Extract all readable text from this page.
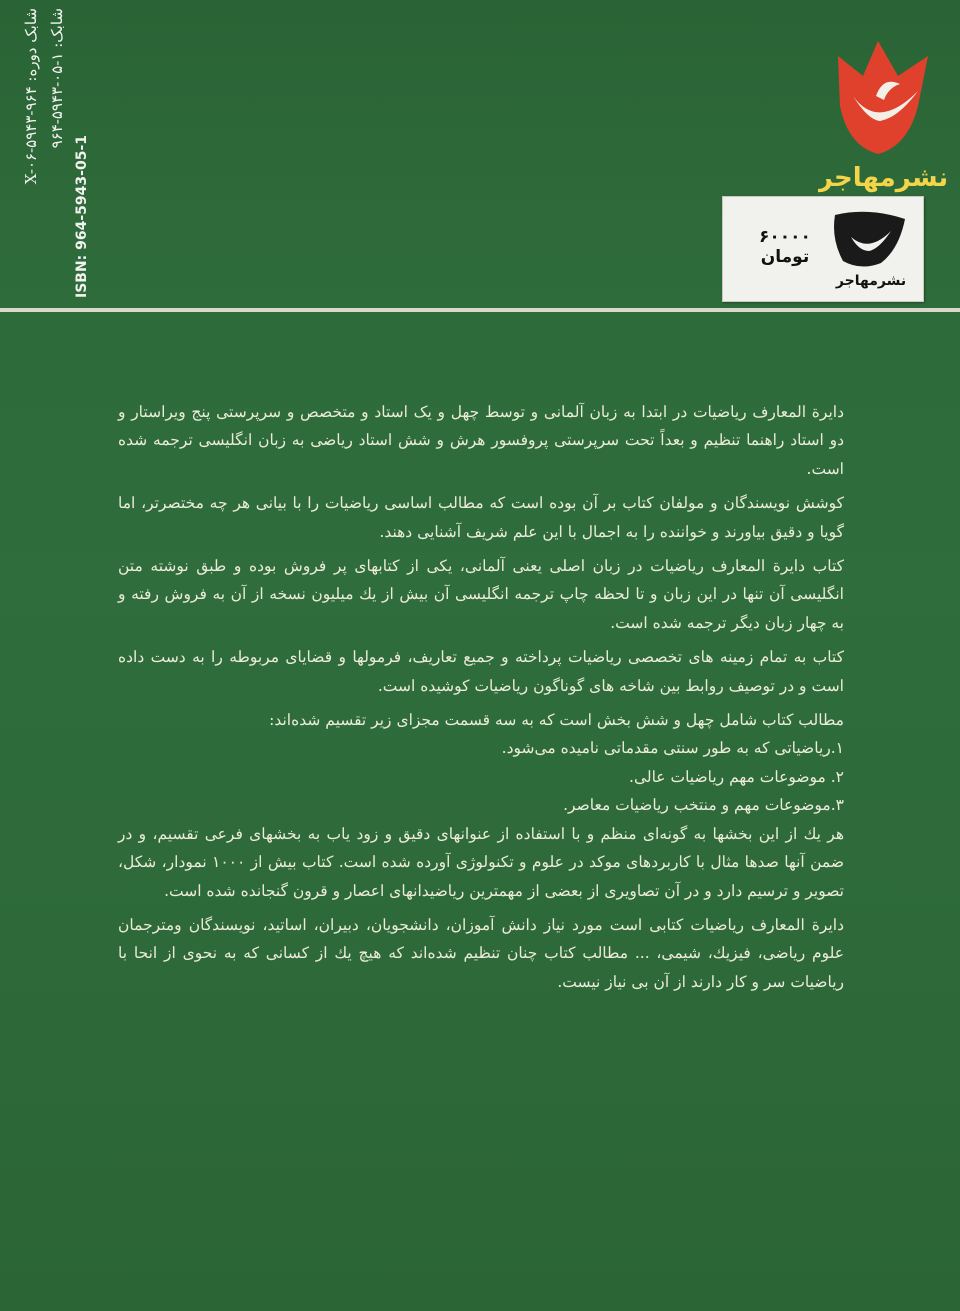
ISBN: 964-5943-05-1
شابک: ۱-۰۵-۵۹۴۳-۹۶۴
شابک دوره: X-۰۶-۵۹۴۳-۹۶۴
نشرمهاجر
۶۰۰۰۰ تومان
نشرمهاجر
دایرة المعارف ریاضیات در ابتدا به زبان آلمانی و توسط چهل و یک استاد و متخصص و سرپرستی پنج ویراستار و دو استاد راهنما تنظیم و بعداً تحت سرپرستی پروفسور هرش و شش استاد ریاضی به زبان انگلیسی ترجمه شده است.
کوشش نویسندگان و مولفان کتاب بر آن بوده است که مطالب اساسی ریاضیات را با بیانی هر چه مختصرتر، اما گویا و دقیق بیاورند و خواننده را به اجمال با این علم شریف آشنایی دهند.
کتاب دایرة المعارف ریاضیات در زبان اصلی یعنی آلمانی، یکی از کتابهای پر فروش بوده و طبق نوشته متن انگلیسی آن تنها در این زبان و تا لحظه چاپ ترجمه انگلیسی آن بیش از یك میلیون نسخه از آن به فروش رفته و به چهار زبان دیگر ترجمه شده است.
کتاب به تمام زمینه های تخصصی ریاضیات پرداخته و جمیع تعاریف، فرمولها و قضایای مربوطه را به دست داده است و در توصیف روابط بین شاخه های گوناگون ریاضیات کوشیده است.
مطالب کتاب شامل چهل و شش بخش است که به سه قسمت مجزای زیر تقسیم شده‌اند:
۱.ریاضیاتی که به طور سنتی مقدماتی نامیده می‌شود.
۲. موضوعات مهم ریاضیات عالی.
۳.موضوعات مهم و منتخب ریاضیات معاصر.
هر یك از این بخشها به گونه‌ای منظم و با استفاده از عنوانهای دقیق و زود یاب به بخشهای فرعی تقسیم، و در ضمن آنها صدها مثال با کاربردهای موکد در علوم و تکنولوژی آورده شده است. کتاب بیش از ۱۰۰۰ نمودار، شکل، تصویر و ترسیم دارد و در آن تصاویری از بعضی از مهمترین ریاضیدانهای اعصار و قرون گنجانده شده است.
دایرة المعارف ریاضیات کتابی است مورد نیاز دانش آموزان، دانشجویان، دبیران، اساتید، نویسندگان ومترجمان علوم ریاضی، فیزیك، شیمی، ... مطالب کتاب چنان تنظیم شده‌اند که هیچ یك از کسانی که به نحوی از انحا با ریاضیات سر و کار دارند از آن بی نیاز نیست.
